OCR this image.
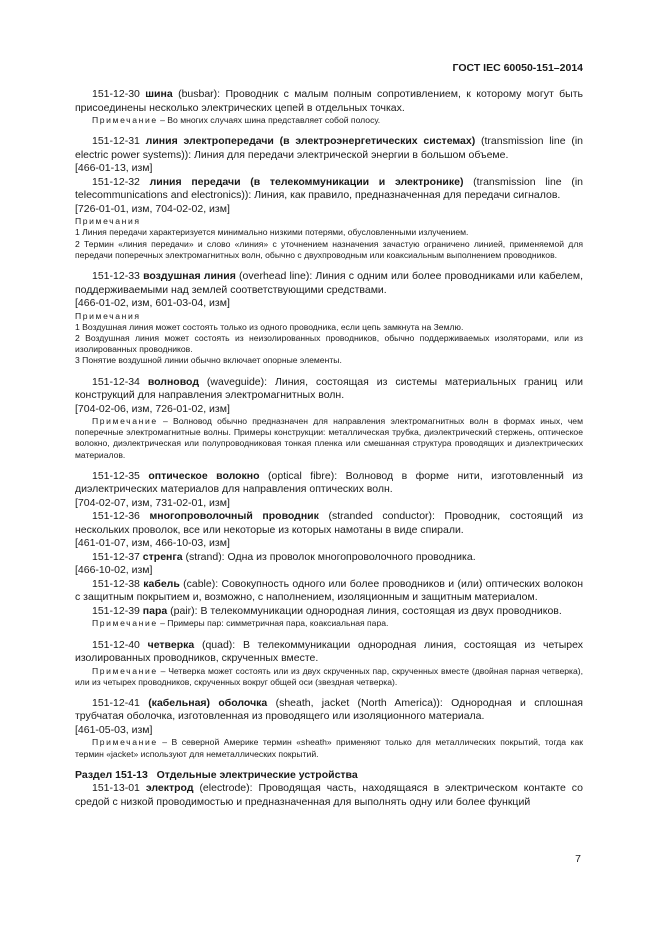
ГОСТ IEC 60050-151–2014
151-12-30 шина (busbar): Проводник с малым полным сопротивлением, к которому могут быть присоединены несколько электрических цепей в отдельных точках.
Примечание – Во многих случаях шина представляет собой полосу.
151-12-31 линия электропередачи (в электроэнергетических системах) (transmission line (in electric power systems)): Линия для передачи электрической энергии в большом объеме.
[466-01-13, изм]
151-12-32 линия передачи (в телекоммуникации и электронике) (transmission line (in telecommunications and electronics)): Линия, как правило, предназначенная для передачи сигналов.
[726-01-01, изм, 704-02-02, изм]
Примечания
1 Линия передачи характеризуется минимально низкими потерями, обусловленными излучением.
2 Термин «линия передачи» и слово «линия» с уточнением назначения зачастую ограничено линией, применяемой для передачи поперечных электромагнитных волн, обычно с двухпроводным или коаксиальным выполнением проводников.
151-12-33 воздушная линия (overhead line): Линия с одним или более проводниками или кабелем, поддерживаемыми над землей соответствующими средствами.
[466-01-02, изм, 601-03-04, изм]
Примечания
1 Воздушная линия может состоять только из одного проводника, если цепь замкнута на Землю.
2 Воздушная линия может состоять из неизолированных проводников, обычно поддерживаемых изоляторами, или из изолированных проводников.
3 Понятие воздушной линии обычно включает опорные элементы.
151-12-34 волновод (waveguide): Линия, состоящая из системы материальных границ или конструкций для направления электромагнитных волн.
[704-02-06, изм, 726-01-02, изм]
Примечание – Волновод обычно предназначен для направления электромагнитных волн в формах иных, чем поперечные электромагнитные волны. Примеры конструкции: металлическая трубка, диэлектрический стержень, оптическое волокно, диэлектрическая или полупроводниковая тонкая пленка или смешанная структура проводящих и диэлектрических материалов.
151-12-35 оптическое волокно (optical fibre): Волновод в форме нити, изготовленный из диэлектрических материалов для направления оптических волн.
[704-02-07, изм, 731-02-01, изм]
151-12-36 многопроволочный проводник (stranded conductor): Проводник, состоящий из нескольких проволок, все или некоторые из которых намотаны в виде спирали.
[461-01-07, изм, 466-10-03, изм]
151-12-37 стренга (strand): Одна из проволок многопроволочного проводника.
[466-10-02, изм]
151-12-38 кабель (cable): Совокупность одного или более проводников и (или) оптических волокон с защитным покрытием и, возможно, с наполнением, изоляционным и защитным материалом.
151-12-39 пара (pair): В телекоммуникации однородная линия, состоящая из двух проводников.
Примечание – Примеры пар: симметричная пара, коаксиальная пара.
151-12-40 четверка (quad): В телекоммуникации однородная линия, состоящая из четырех изолированных проводников, скрученных вместе.
Примечание – Четверка может состоять или из двух скрученных пар, скрученных вместе (двойная парная четверка), или из четырех проводников, скрученных вокруг общей оси (звездная четверка).
151-12-41 (кабельная) оболочка (sheath, jacket (North America)): Однородная и сплошная трубчатая оболочка, изготовленная из проводящего или изоляционного материала.
[461-05-03, изм]
Примечание – В северной Америке термин «sheath» применяют только для металлических покрытий, тогда как термин «jacket» используют для неметаллических покрытий.
Раздел 151-13   Отдельные электрические устройства
151-13-01 электрод (electrode): Проводящая часть, находящаяся в электрическом контакте со средой с низкой проводимостью и предназначенная для выполнять одну или более функций
7
